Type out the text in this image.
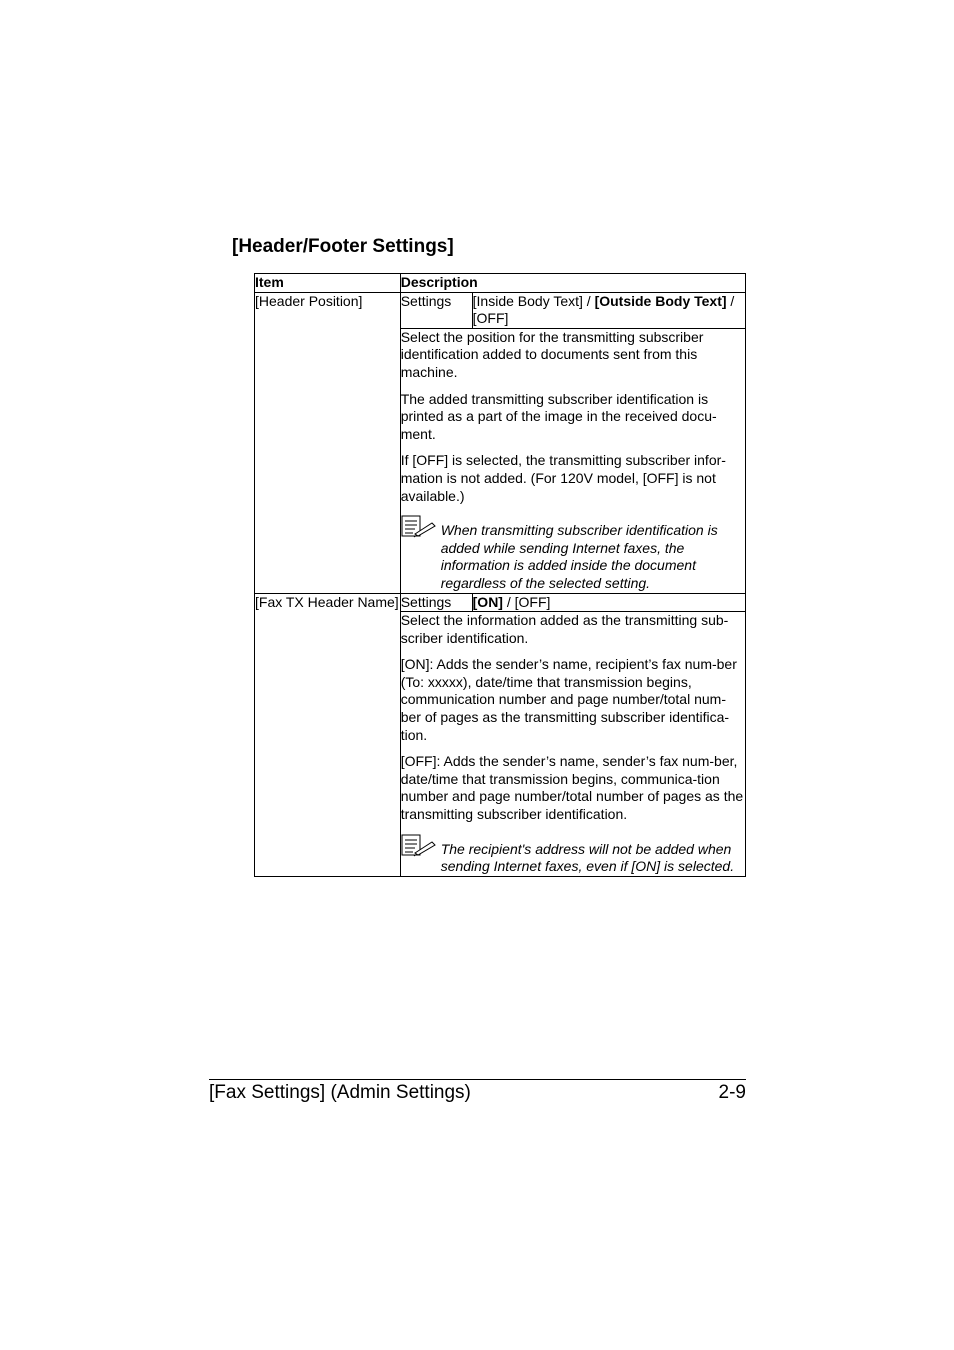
[Header/Footer Settings]
Item	Description	
[Header Position]	Settings	[Inside Body Text] / [Outside Body Text] / [OFF]

	Select the position for the transmitting subscriber identification added to documents sent from this machine.

The added transmitting subscriber identification is printed as a part of the image in the received docu-ment.

If [OFF] is selected, the transmitting subscriber infor-mation is not added. (For 120V model, [OFF] is not available.)

When transmitting subscriber identification is added while sending Internet faxes, the information is added inside the document regardless of the selected setting.	

[Fax TX Header Name]	Settings	[ON] / [OFF]

	Select the information added as the transmitting sub-scriber identification.

[ON]: Adds the sender’s name, recipient’s fax num-ber (To: xxxxx), date/time that transmission begins, communication number and page number/total num-ber of pages as the transmitting subscriber identifica-tion.

[OFF]: Adds the sender’s name, sender’s fax num-ber, date/time that transmission begins, communica-tion number and page number/total number of pages as the transmitting subscriber identification.

The recipient's address will not be added when sending Internet faxes, even if [ON] is selected.	
[Fax Settings] (Admin Settings)	2-9
